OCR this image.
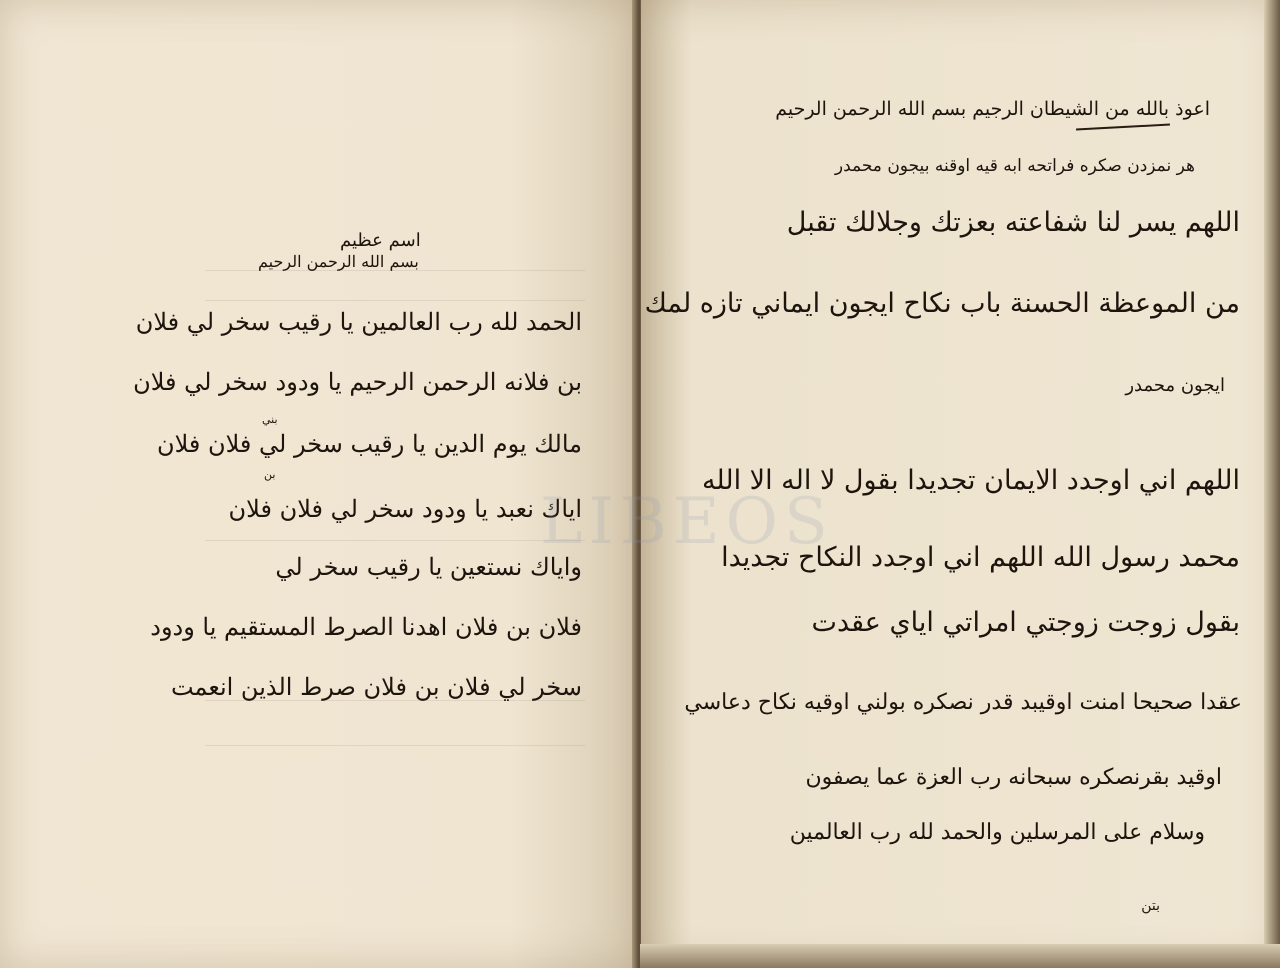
اسم عظيم
بسم الله الرحمن الرحيم
الحمد لله رب العالمين يا رقيب سخر لي فلان
بن فلانه الرحمن الرحيم يا ودود سخر لي فلان
مالك يوم الدين يا رقيب سخر لي فلان فلان
اياك نعبد يا ودود سخر لي فلان فلان
واياك نستعين يا رقيب سخر لي
فلان بن فلان اهدنا الصرط المستقيم يا ودود
سخر لي فلان بن فلان صرط الذين انعمت
بني
بن
اعوذ بالله من الشيطان الرجيم بسم الله الرحمن الرحيم
هر نمزدن صكره فراتحه ابه قيه اوقنه بيجون محمدر
اللهم يسر لنا شفاعته بعزتك وجلالك تقبل
من الموعظة الحسنة باب نكاح ايجون ايماني تازه لمك
ايجون محمدر
اللهم اني اوجدد الايمان تجديدا بقول لا اله الا الله
محمد رسول الله اللهم اني اوجدد النكاح تجديدا
بقول زوجت زوجتي امراتي اياي عقدت
عقدا صحيحا امنت اوقيبد قدر نصكره بولني اوقيه نكاح دعاسي
اوقيد بقرنصكره سبحانه رب العزة عما يصفون
وسلام على المرسلين والحمد لله رب العالمين
بتن
LIBEOS
